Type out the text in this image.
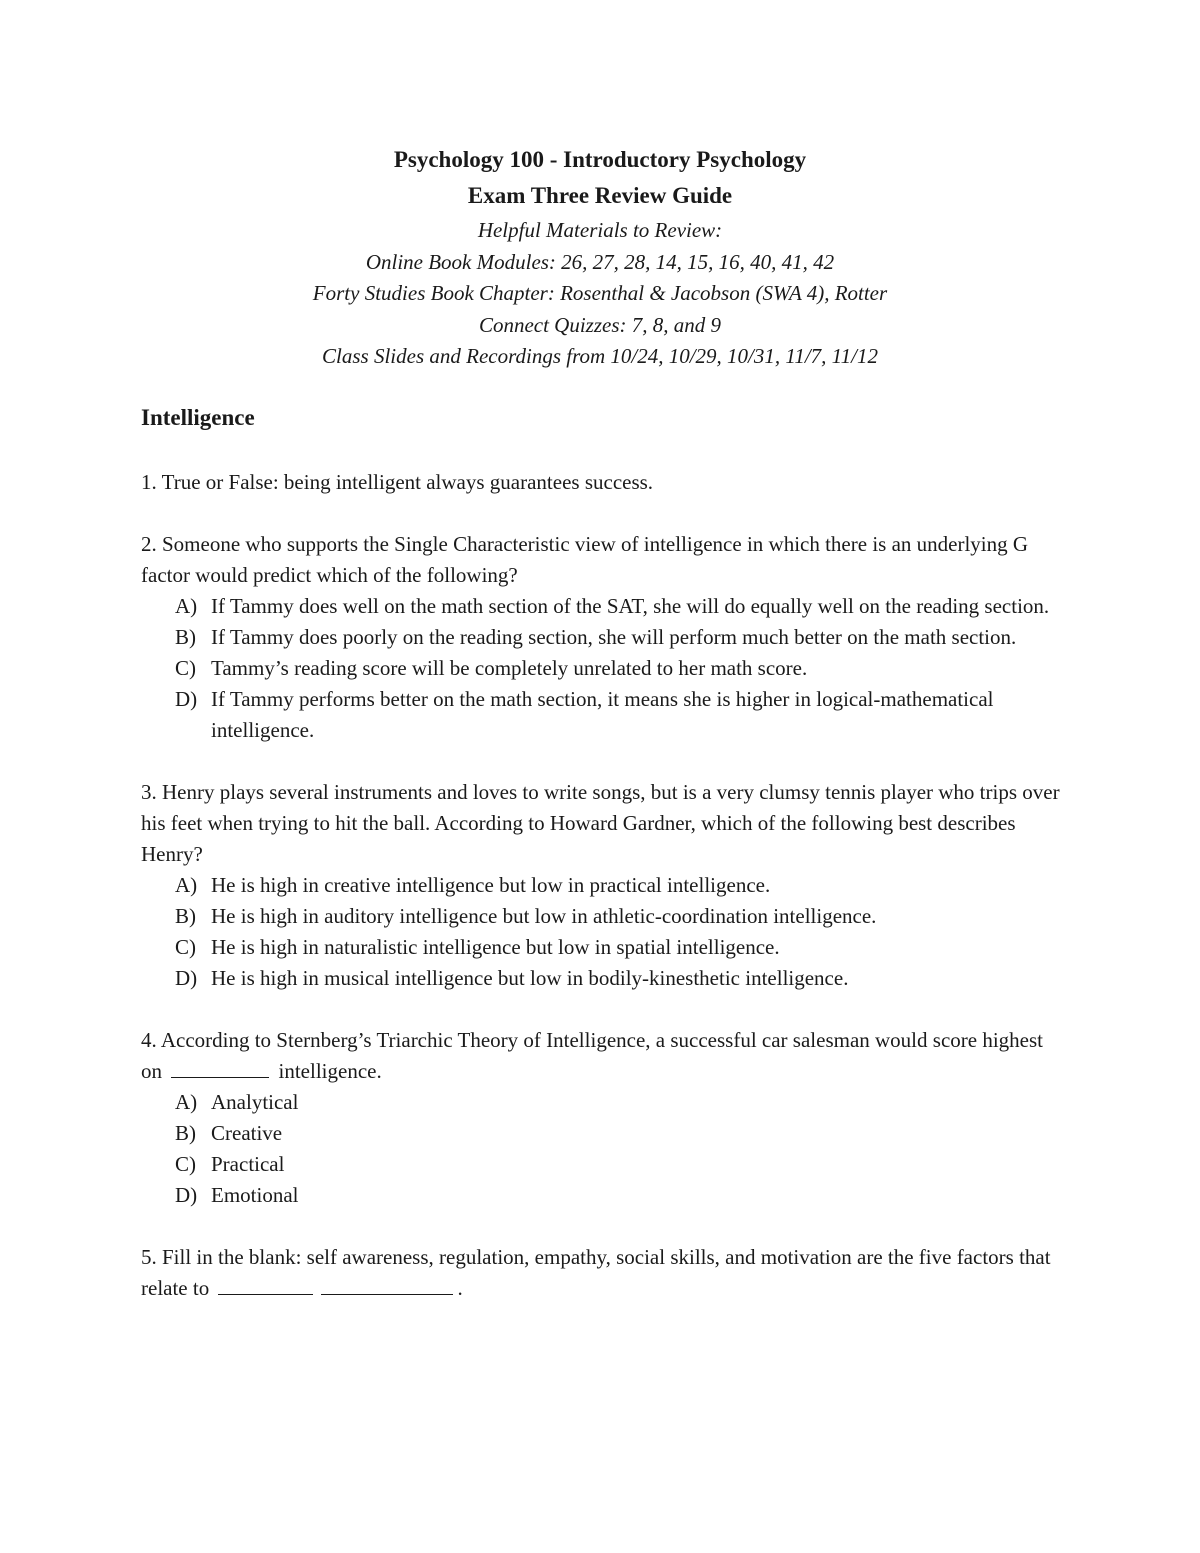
Psychology 100 - Introductory Psychology

Exam Three Review Guide

Helpful Materials to Review:

Online Book Modules: 26, 27, 28, 14, 15, 16, 40, 41, 42

Forty Studies Book Chapter: Rosenthal & Jacobson (SWA 4), Rotter

Connect Quizzes: 7, 8, and 9

Class Slides and Recordings from 10/24, 10/29, 10/31, 11/7, 11/12

Intelligence

1. True or False: being intelligent always guarantees success.

2. Someone who supports the Single Characteristic view of intelligence in which there is an underlying G factor would predict which of the following?

A) If Tammy does well on the math section of the SAT, she will do equally well on the reading section.
B) If Tammy does poorly on the reading section, she will perform much better on the math section.
C) Tammy’s reading score will be completely unrelated to her math score.
D) If Tammy performs better on the math section, it means she is higher in logical-mathematical intelligence.

3. Henry plays several instruments and loves to write songs, but is a very clumsy tennis player who trips over his feet when trying to hit the ball. According to Howard Gardner, which of the following best describes Henry?

A) He is high in creative intelligence but low in practical intelligence.
B) He is high in auditory intelligence but low in athletic-coordination intelligence.
C) He is high in naturalistic intelligence but low in spatial intelligence.
D) He is high in musical intelligence but low in bodily-kinesthetic intelligence.

4. According to Sternberg’s Triarchic Theory of Intelligence, a successful car salesman would score highest on	intelligence.

A) Analytical
B) Creative
C) Practical
D) Emotional

5. Fill in the blank: self awareness, regulation, empathy, social skills, and motivation are the five factors that relate to	.
